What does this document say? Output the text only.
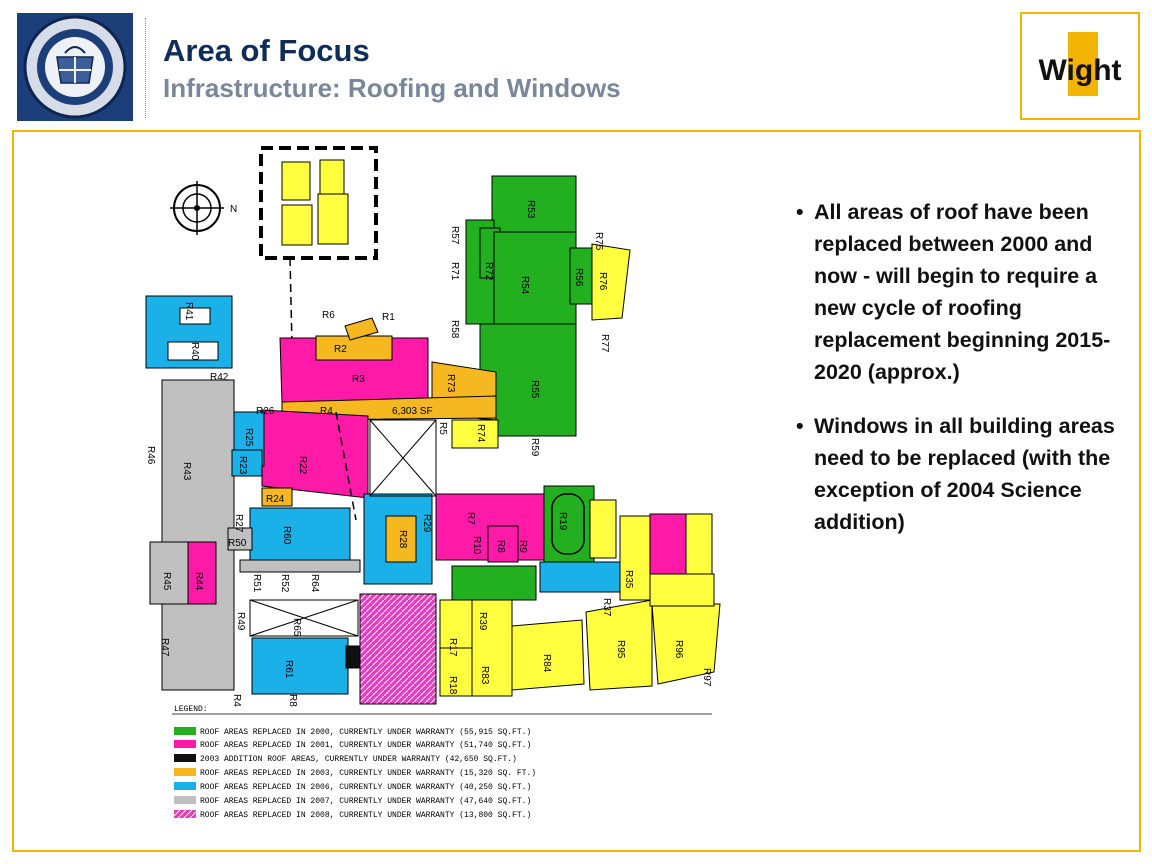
Area of Focus
Infrastructure: Roofing and Windows
Wight
N	R53
R57
R71 R72
R54	R56
R75
R76
R77
R58
R55
R59
R73
R74
R41
R40
R42
R46
R43
R45 R44
R47
R6	R1
R2
R3
R4	6,303 SF
R26
R25
R23	R22
R24
R27
R50	R60
R51 R52 R64
R49	R65
R61
R8
R4
R28
R29
R5
R7
R10 R8 R9
R19
R17
R18
R39
R83
R84
R95	R96
R97
R35
R37
LEGEND:
ROOF AREAS REPLACED IN 2000, CURRENTLY UNDER WARRANTY (55,915 SQ.FT.)
ROOF AREAS REPLACED IN 2001, CURRENTLY UNDER WARRANTY (51,740 SQ.FT.)
2003 ADDITION ROOF AREAS, CURRENTLY UNDER WARRANTY (42,650 SQ.FT.)
ROOF AREAS REPLACED IN 2003, CURRENTLY UNDER WARRANTY (15,320 SQ. FT.)
ROOF AREAS REPLACED IN 2006, CURRENTLY UNDER WARRANTY (40,250 SQ.FT.)
ROOF AREAS REPLACED IN 2007, CURRENTLY UNDER WARRANTY (47,640 SQ.FT.)
ROOF AREAS REPLACED IN 2008, CURRENTLY UNDER WARRANTY (13,800 SQ.FT.)
• All areas of roof have been replaced between 2000 and now - will begin to require a new cycle of roofing replacement beginning 2015-2020 (approx.)
• Windows in all building areas need to be replaced (with the exception of 2004 Science addition)
